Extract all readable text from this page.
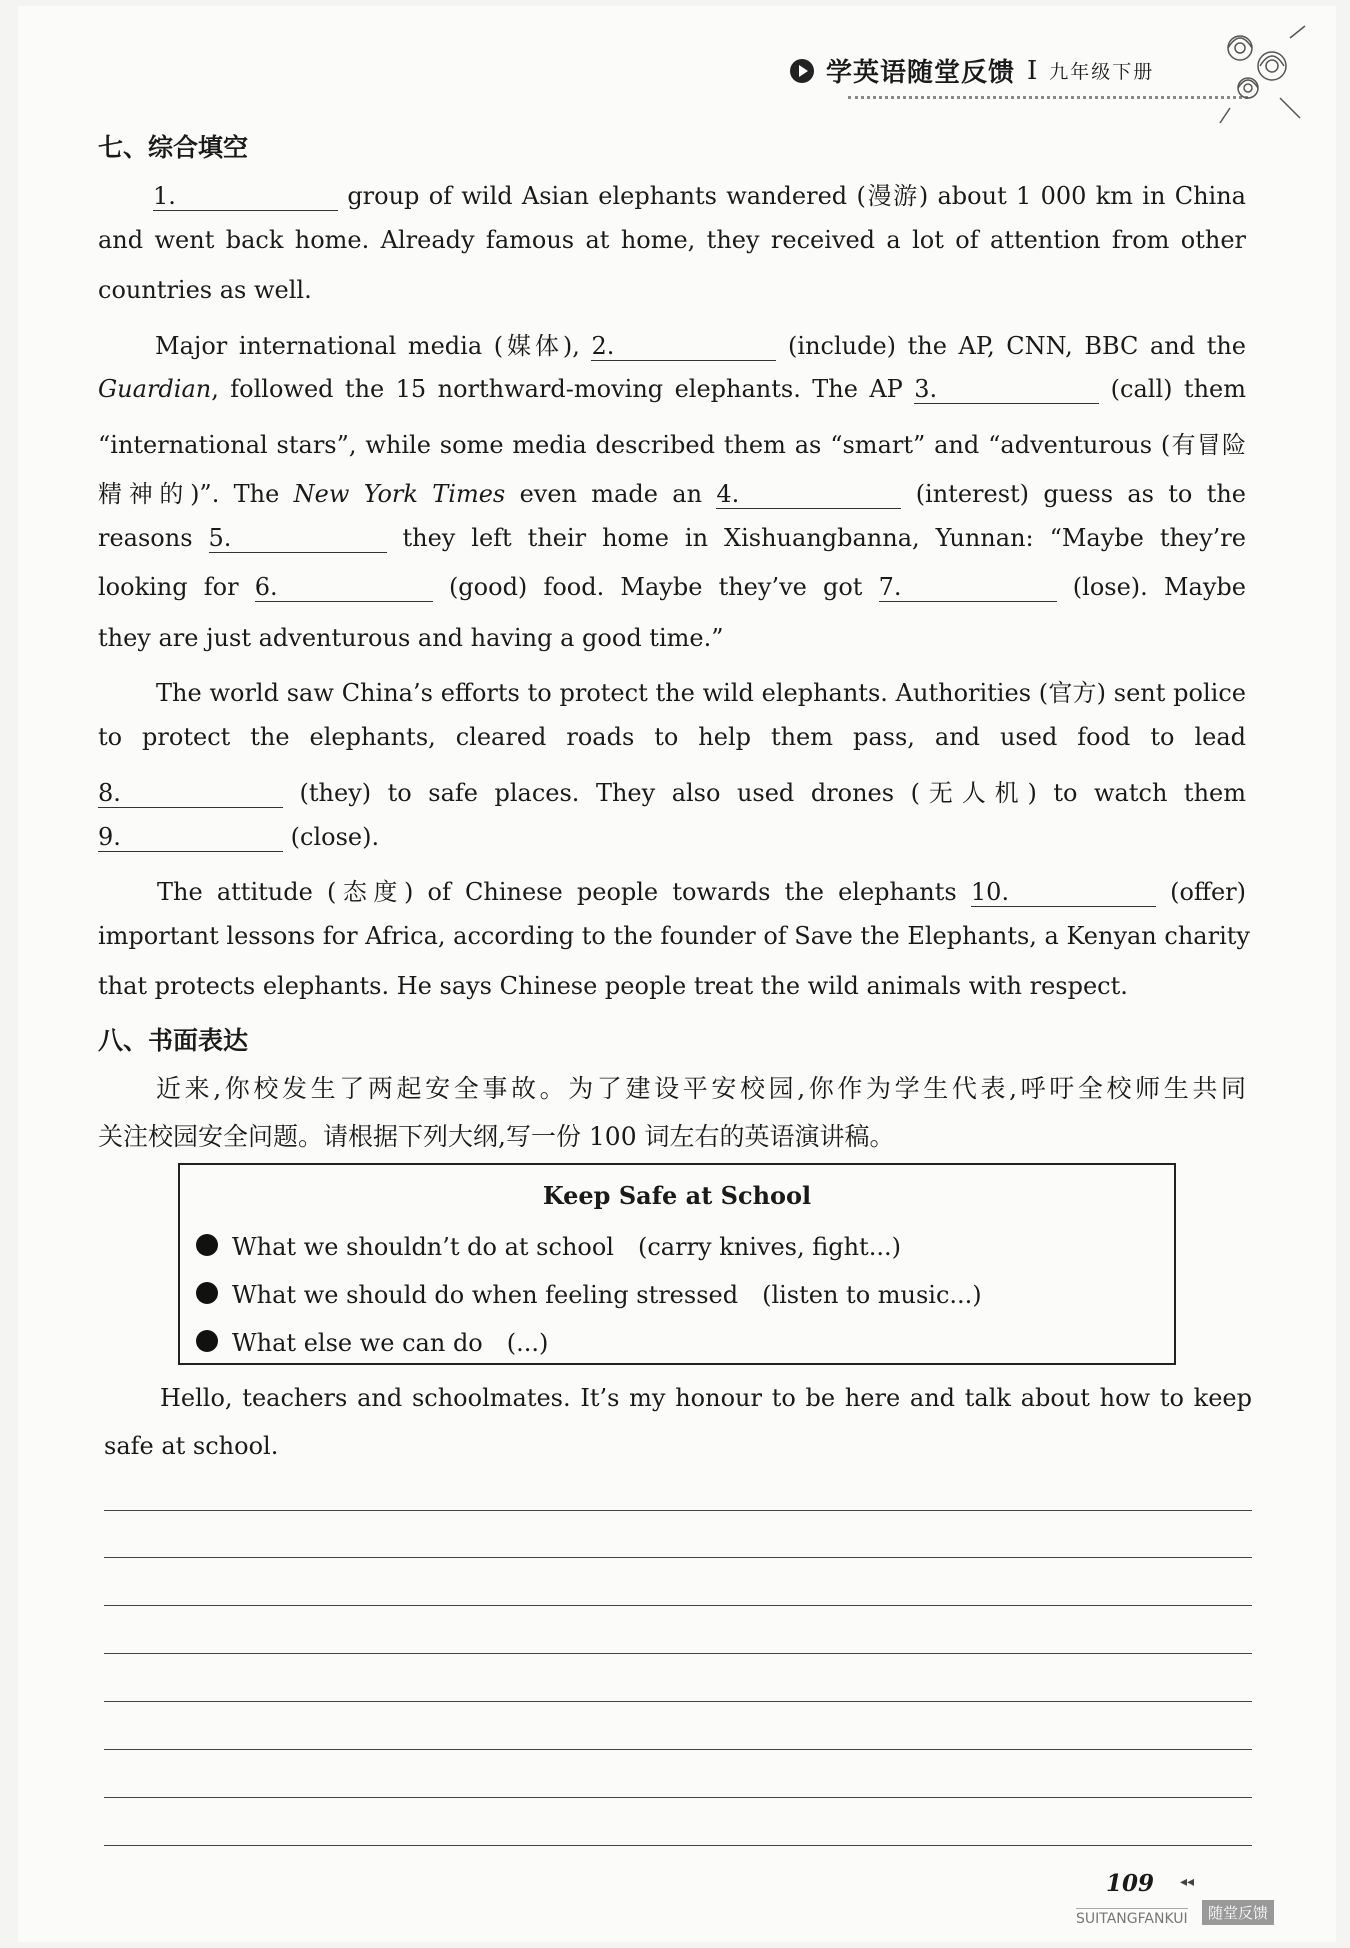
学英语随堂反馈 I 九年级下册
七、综合填空
1.	group of wild Asian elephants wandered (漫游) about 1 000 km in China
and went back home. Already famous at home, they received a lot of attention from other
countries as well.
Major international media (媒体), 2.	(include) the AP, CNN, BBC and the
Guardian, followed the 15 northward-moving elephants. The AP 3.	(call) them
“international stars”, while some media described them as “smart” and “adventurous (有冒险
精神的)”. The New York Times even made an 4.	(interest) guess as to the
reasons 5.	they left their home in Xishuangbanna, Yunnan: “Maybe they’re
looking for 6.	(good) food. Maybe they’ve got 7.	(lose). Maybe
they are just adventurous and having a good time.”
The world saw China’s efforts to protect the wild elephants. Authorities (官方) sent police
to protect the elephants, cleared roads to help them pass, and used food to lead
8.	(they) to safe places. They also used drones (无人机) to watch them
9.	(close).
The attitude (态度) of Chinese people towards the elephants 10.	(offer)
important lessons for Africa, according to the founder of Save the Elephants, a Kenyan charity
that protects elephants. He says Chinese people treat the wild animals with respect.
八、书面表达
近来,你校发生了两起安全事故。为了建设平安校园,你作为学生代表,呼吁全校师生共同
关注校园安全问题。请根据下列大纲,写一份 100 词左右的英语演讲稿。
Keep Safe at School
What we shouldn’t do at school　(carry knives, fight...)
What we should do when feeling stressed　(listen to music...)
What else we can do　(...)
Hello, teachers and schoolmates. It’s my honour to be here and talk about how to keep
safe at school.
109 ◂◂
SUITANGFANKUI	随堂反馈
